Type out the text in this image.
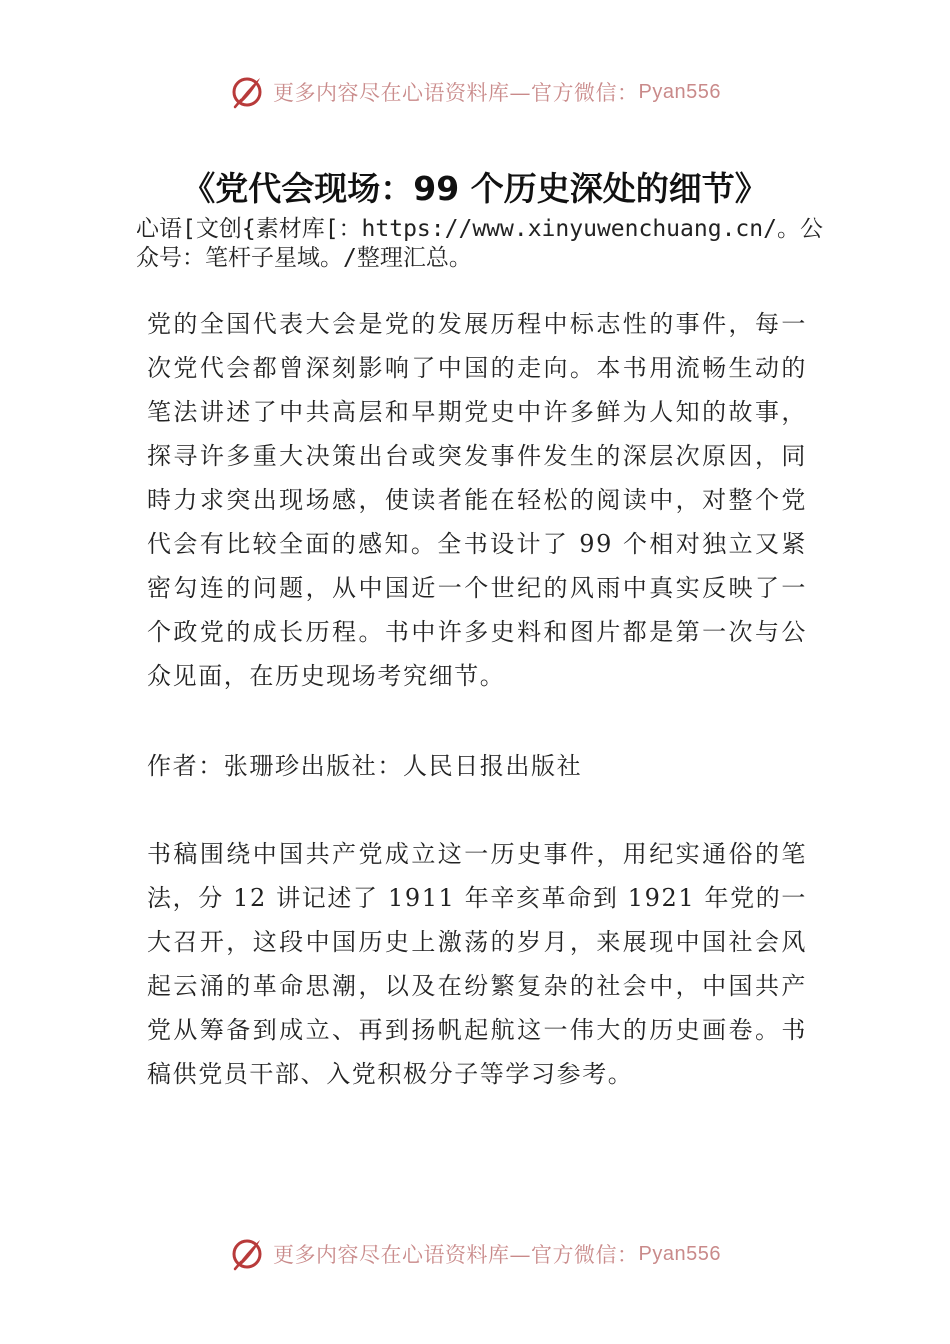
更多内容尽在心语资料库—官方微信： Pyan556
《党代会现场：99 个历史深处的细节》
心语[文创{素材库[：https://www.xinyuwenchuang.cn/。公众号：笔杆子星域。/整理汇总。

党的全国代表大会是党的发展历程中标志性的事件，每一次党代会都曾深刻影响了中国的走向。本书用流畅生动的笔法讲述了中共高层和早期党史中许多鲜为人知的故事，探寻许多重大决策出台或突发事件发生的深层次原因，同時力求突出现场感，使读者能在轻松的阅读中，对整个党代会有比较全面的感知。全书设计了 99 个相对独立又紧密勾连的问题，从中国近一个世纪的风雨中真实反映了一个政党的成长历程。书中许多史料和图片都是第一次与公众见面，在历史现场考究细节。

作者：张珊珍出版社：人民日报出版社

书稿围绕中国共产党成立这一历史事件，用纪实通俗的笔法，分 12 讲记述了 1911 年辛亥革命到 1921 年党的一大召开，这段中国历史上激荡的岁月，来展现中国社会风起云涌的革命思潮，以及在纷繁复杂的社会中，中国共产党从筹备到成立、再到扬帆起航这一伟大的历史画卷。书稿供党员干部、入党积极分子等学习参考。

更多内容尽在心语资料库—官方微信： Pyan556
